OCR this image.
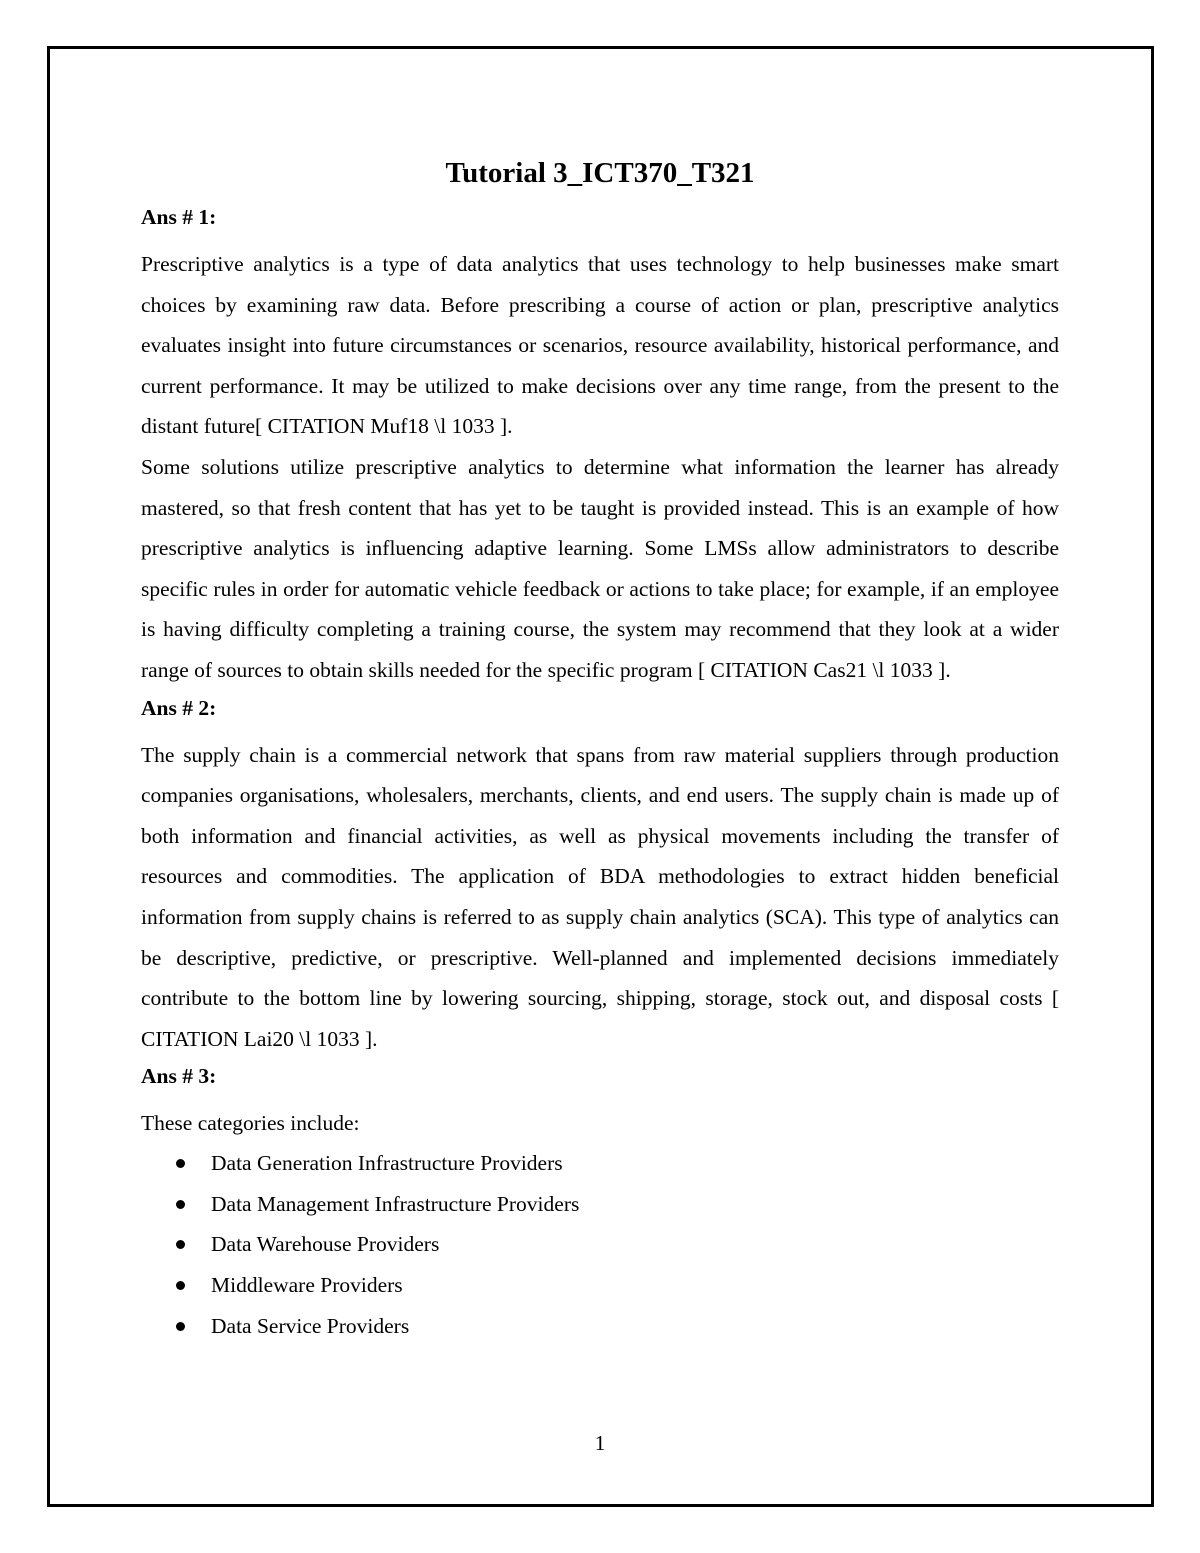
Tutorial 3_ICT370_T321
Ans # 1:

Prescriptive analytics is a type of data analytics that uses technology to help businesses make smart choices by examining raw data. Before prescribing a course of action or plan, prescriptive analytics evaluates insight into future circumstances or scenarios, resource availability, historical performance, and current performance. It may be utilized to make decisions over any time range, from the present to the distant future[ CITATION Muf18 \l 1033 ].

Some solutions utilize prescriptive analytics to determine what information the learner has already mastered, so that fresh content that has yet to be taught is provided instead. This is an example of how prescriptive analytics is influencing adaptive learning. Some LMSs allow administrators to describe specific rules in order for automatic vehicle feedback or actions to take place; for example, if an employee is having difficulty completing a training course, the system may recommend that they look at a wider range of sources to obtain skills needed for the specific program [ CITATION Cas21 \l 1033 ].

Ans # 2:

The supply chain is a commercial network that spans from raw material suppliers through production companies organisations, wholesalers, merchants, clients, and end users. The supply chain is made up of both information and financial activities, as well as physical movements including the transfer of resources and commodities. The application of BDA methodologies to extract hidden beneficial information from supply chains is referred to as supply chain analytics (SCA). This type of analytics can be descriptive, predictive, or prescriptive. Well-planned and implemented decisions immediately contribute to the bottom line by lowering sourcing, shipping, storage, stock out, and disposal costs [ CITATION Lai20 \l 1033 ].

Ans # 3:

These categories include:

Data Generation Infrastructure Providers
Data Management Infrastructure Providers
Data Warehouse Providers
Middleware Providers
Data Service Providers
1
